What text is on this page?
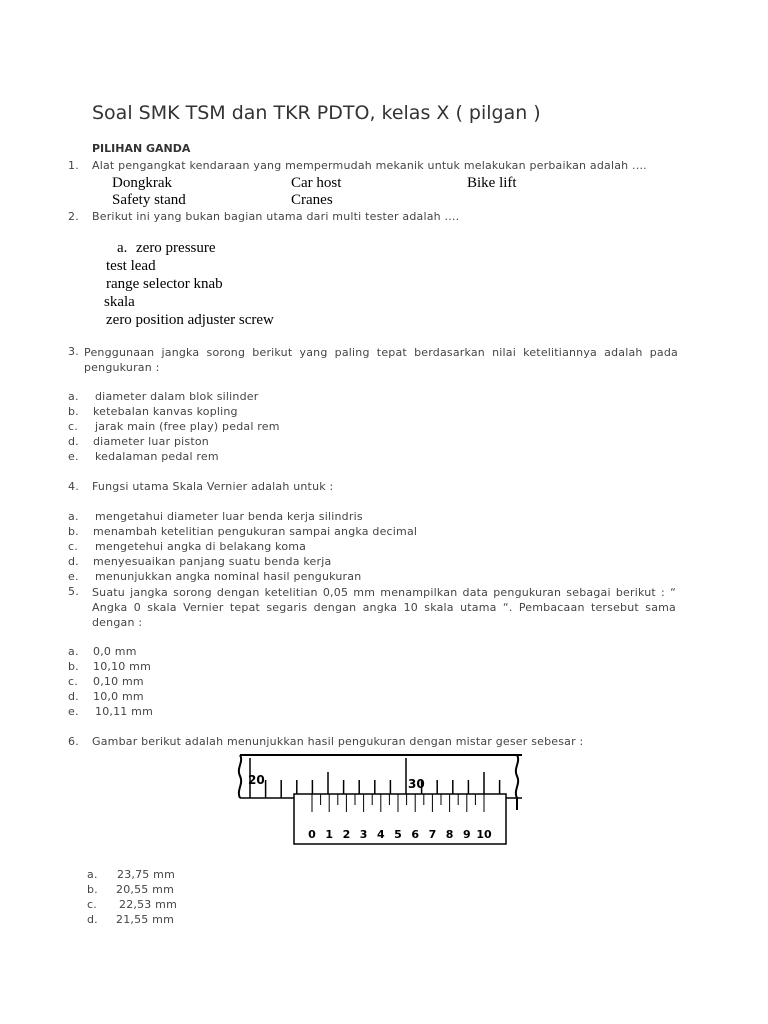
Soal SMK TSM dan TKR PDTO, kelas X ( pilgan )
PILIHAN GANDA
1. Alat pengangkat kendaraan yang mempermudah mekanik untuk melakukan perbaikan adalah ....
Dongkrak	Car host	Bike lift
Safety stand	Cranes
2. Berikut ini yang bukan bagian utama dari multi tester adalah ....
a. zero pressure
test lead
range selector knab
skala
zero position adjuster screw
3. Penggunaan jangka sorong berikut yang paling tepat berdasarkan nilai ketelitiannya adalah pada pengukuran :
a. diameter dalam blok silinder
b. ketebalan kanvas kopling
c. jarak main (free play) pedal rem
d. diameter luar piston
e. kedalaman pedal rem
4. Fungsi utama Skala Vernier adalah untuk :
a. mengetahui diameter luar benda kerja silindris
b. menambah ketelitian pengukuran sampai angka decimal
c. mengetehui angka di belakang koma
d. menyesuaikan panjang suatu benda kerja
e. menunjukkan angka nominal hasil pengukuran
5. Suatu jangka sorong dengan ketelitian 0,05 mm menampilkan data pengukuran sebagai berikut : “ Angka 0 skala Vernier tepat segaris dengan angka 10 skala utama “. Pembacaan tersebut sama dengan :
a. 0,0 mm
b. 10,10 mm
c. 0,10 mm
d. 10,0 mm
e. 10,11 mm
6. Gambar berikut adalah menunjukkan hasil pengukuran dengan mistar geser sebesar :
20	30
0 1 2 3 4 5 6 7 8 9 10
a. 23,75 mm
b. 20,55 mm
c. 22,53 mm
d. 21,55 mm
